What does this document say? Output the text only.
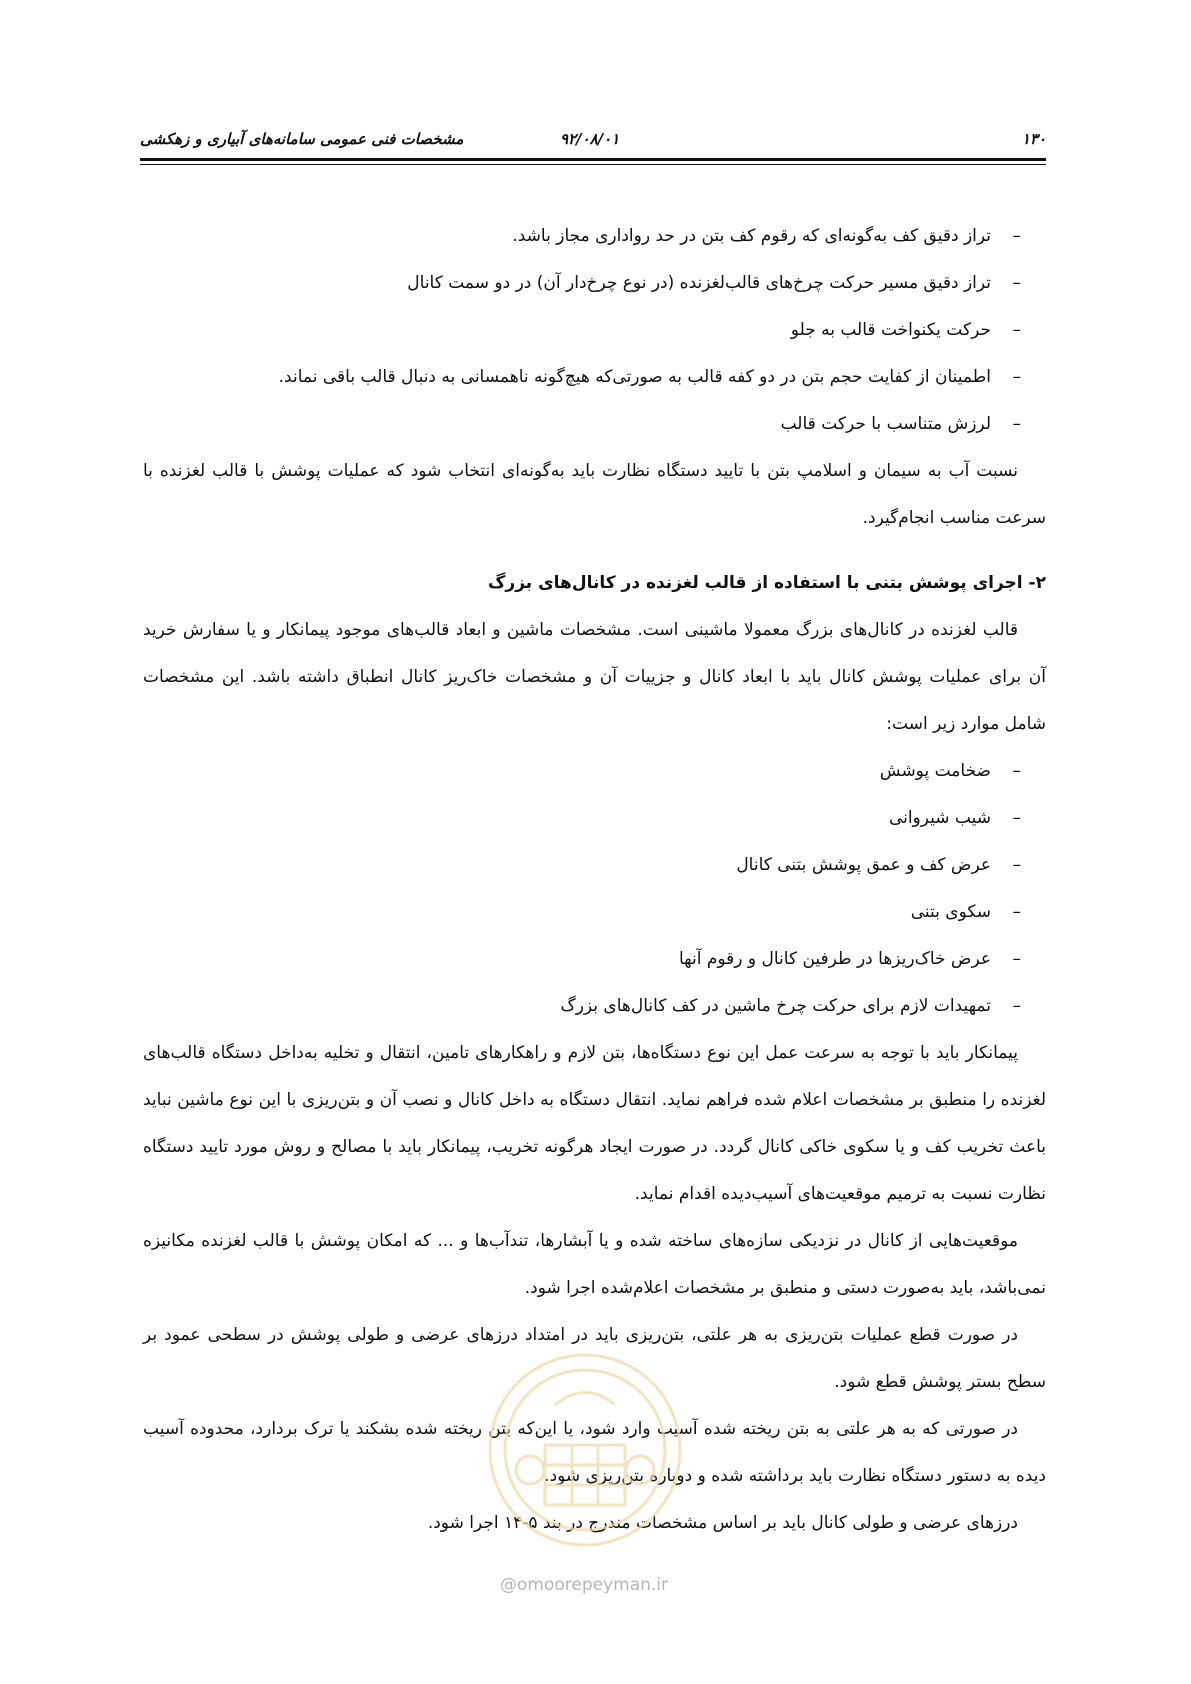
۱۳۰
۹۲/۰۸/۰۱
مشخصات فنی عمومی سامانه‌های آبیاری و زهکشی
– تراز دقیق کف به‌گونه‌ای که رقوم کف بتن در حد رواداری مجاز باشد.
– تراز دقیق مسیر حرکت چرخ‌های قالب‌لغزنده (در نوع چرخ‌دار آن) در دو سمت کانال
– حرکت یکنواخت قالب به جلو
– اطمینان از کفایت حجم بتن در دو کفه قالب به صورتی‌که هیچ‌گونه ناهمسانی به دنبال قالب باقی نماند.
– لرزش متناسب با حرکت قالب

نسبت آب به سیمان و اسلامپ بتن با تایید دستگاه نظارت باید به‌گونه‌ای انتخاب شود که عملیات پوشش با قالب لغزنده با سرعت مناسب انجام‌گیرد.

۲- اجرای پوشش بتنی با استفاده از قالب لغزنده در کانال‌های بزرگ

قالب لغزنده در کانال‌های بزرگ معمولا ماشینی است. مشخصات ماشین و ابعاد قالب‌های موجود پیمانکار و یا سفارش خرید آن برای عملیات پوشش کانال باید با ابعاد کانال و جزییات آن و مشخصات خاک‌ریز کانال انطباق داشته باشد. این مشخصات شامل موارد زیر است:

– ضخامت پوشش
– شیب شیروانی
– عرض کف و عمق پوشش بتنی کانال
– سکوی بتنی
– عرض خاک‌ریزها در طرفین کانال و رقوم آنها
– تمهیدات لازم برای حرکت چرخ ماشین در کف کانال‌های بزرگ

پیمانکار باید با توجه به سرعت عمل این نوع دستگاه‌ها، بتن لازم و راهکارهای تامین، انتقال و تخلیه به‌داخل دستگاه قالب‌های لغزنده را منطبق بر مشخصات اعلام شده فراهم نماید. انتقال دستگاه به داخل کانال و نصب آن و بتن‌ریزی با این نوع ماشین نباید باعث تخریب کف و یا سکوی خاکی کانال گردد. در صورت ایجاد هرگونه تخریب، پیمانکار باید با مصالح و روش مورد تایید دستگاه نظارت نسبت به ترمیم موقعیت‌های آسیب‌دیده اقدام نماید.

موقعیت‌هایی از کانال در نزدیکی سازه‌های ساخته شده و یا آبشارها، تندآب‌ها و ... که امکان پوشش با قالب لغزنده مکانیزه نمی‌باشد، باید به‌صورت دستی و منطبق بر مشخصات اعلام‌شده اجرا شود.

در صورت قطع عملیات بتن‌ریزی به هر علتی، بتن‌ریزی باید در امتداد درزهای عرضی و طولی پوشش در سطحی عمود بر سطح بستر پوشش قطع شود.

در صورتی که به هر علتی به بتن ریخته شده آسیب وارد شود، یا این‌که بتن ریخته شده بشکند یا ترک بردارد، محدوده آسیب دیده به دستور دستگاه نظارت باید برداشته شده و دوباره بتن‌ریزی شود.

درزهای عرضی و طولی کانال باید بر اساس مشخصات مندرج در بند ۵-۱۴ اجرا شود.

@omoorepeyman.ir
